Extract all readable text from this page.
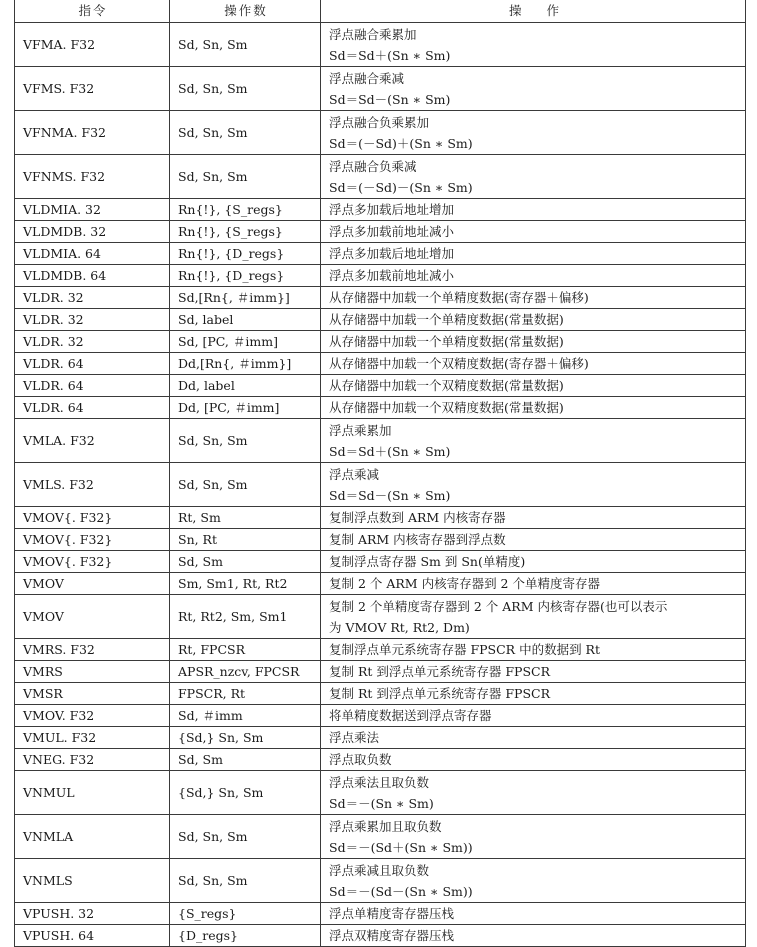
指令	操作数	操　　作
VFMA. F32	Sd, Sn, Sm	浮点融合乘累加
Sd＝Sd＋(Sn ∗ Sm)

VFMS. F32	Sd, Sn, Sm	浮点融合乘减
Sd＝Sd－(Sn ∗ Sm)

VFNMA. F32	Sd, Sn, Sm	浮点融合负乘累加
Sd＝(－Sd)＋(Sn ∗ Sm)

VFNMS. F32	Sd, Sn, Sm	浮点融合负乘减
Sd＝(－Sd)－(Sn ∗ Sm)

VLDMIA. 32	Rn{!}, {S_regs}	浮点多加载后地址增加

VLDMDB. 32	Rn{!}, {S_regs}	浮点多加载前地址减小

VLDMIA. 64	Rn{!}, {D_regs}	浮点多加载后地址增加

VLDMDB. 64	Rn{!}, {D_regs}	浮点多加载前地址减小

VLDR. 32	Sd,[Rn{, ＃imm}]	从存储器中加载一个单精度数据(寄存器＋偏移)

VLDR. 32	Sd, label	从存储器中加载一个单精度数据(常量数据)

VLDR. 32	Sd, [PC, ＃imm]	从存储器中加载一个单精度数据(常量数据)

VLDR. 64	Dd,[Rn{, ＃imm}]	从存储器中加载一个双精度数据(寄存器＋偏移)

VLDR. 64	Dd, label	从存储器中加载一个双精度数据(常量数据)

VLDR. 64	Dd, [PC, ＃imm]	从存储器中加载一个双精度数据(常量数据)

VMLA. F32	Sd, Sn, Sm	浮点乘累加
Sd＝Sd＋(Sn ∗ Sm)

VMLS. F32	Sd, Sn, Sm	浮点乘减
Sd＝Sd－(Sn ∗ Sm)

VMOV{. F32}	Rt, Sm	复制浮点数到 ARM 内核寄存器

VMOV{. F32}	Sn, Rt	复制 ARM 内核寄存器到浮点数

VMOV{. F32}	Sd, Sm	复制浮点寄存器 Sm 到 Sn(单精度)

VMOV	Sm, Sm1, Rt, Rt2	复制 2 个 ARM 内核寄存器到 2 个单精度寄存器

VMOV	Rt, Rt2, Sm, Sm1	复制 2 个单精度寄存器到 2 个 ARM 内核寄存器(也可以表示
为 VMOV Rt, Rt2, Dm)

VMRS. F32	Rt, FPCSR	复制浮点单元系统寄存器 FPSCR 中的数据到 Rt

VMRS	APSR_nzcv, FPCSR	复制 Rt 到浮点单元系统寄存器 FPSCR

VMSR	FPSCR, Rt	复制 Rt 到浮点单元系统寄存器 FPSCR

VMOV. F32	Sd, ＃imm	将单精度数据送到浮点寄存器

VMUL. F32	{Sd,} Sn, Sm	浮点乘法

VNEG. F32	Sd, Sm	浮点取负数

VNMUL	{Sd,} Sn, Sm	浮点乘法且取负数
Sd＝－(Sn ∗ Sm)

VNMLA	Sd, Sn, Sm	浮点乘累加且取负数
Sd＝－(Sd＋(Sn ∗ Sm))

VNMLS	Sd, Sn, Sm	浮点乘减且取负数
Sd＝－(Sd－(Sn ∗ Sm))

VPUSH. 32	{S_regs}	浮点单精度寄存器压栈

VPUSH. 64	{D_regs}	浮点双精度寄存器压栈
